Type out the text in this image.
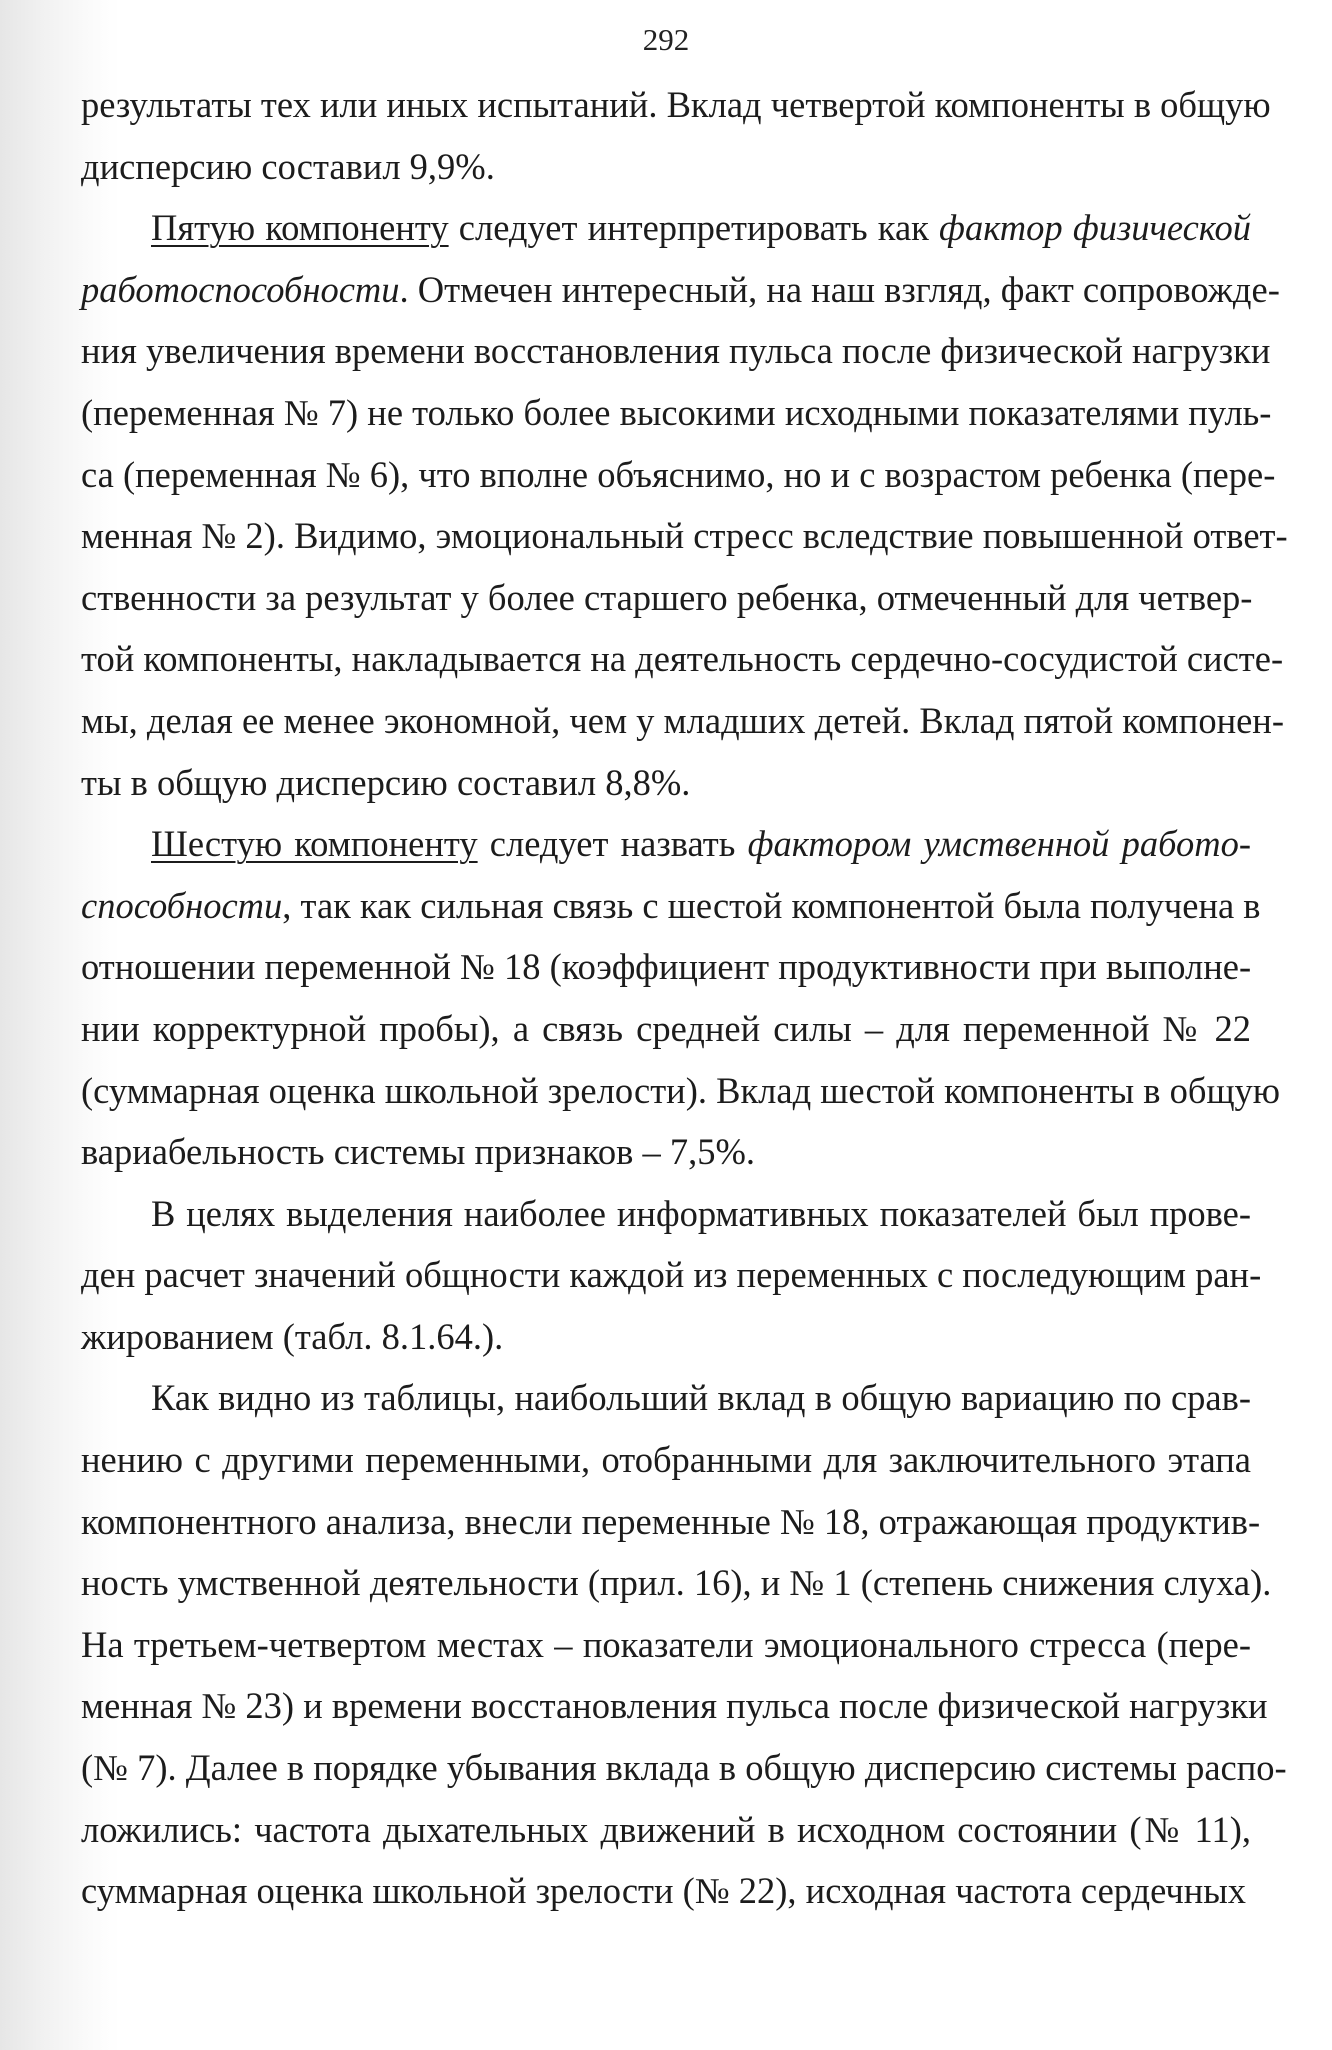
292
результаты тех или иных испытаний. Вклад четвертой компоненты в общую
дисперсию составил 9,9%.
Пятую компоненту следует интерпретировать как фактор физической
работоспособности. Отмечен интересный, на наш взгляд, факт сопровожде-
ния увеличения времени восстановления пульса после физической нагрузки
(переменная № 7) не только более высокими исходными показателями пуль-
са (переменная № 6), что вполне объяснимо, но и с возрастом ребенка (пере-
менная № 2). Видимо, эмоциональный стресс вследствие повышенной ответ-
ственности за результат у более старшего ребенка, отмеченный для четвер-
той компоненты, накладывается на деятельность сердечно-сосудистой систе-
мы, делая ее менее экономной, чем у младших детей. Вклад пятой компонен-
ты в общую дисперсию составил 8,8%.
Шестую компоненту следует назвать фактором умственной работо-
способности, так как сильная связь с шестой компонентой была получена в
отношении переменной № 18 (коэффициент продуктивности при выполне-
нии корректурной пробы), а связь средней силы – для переменной № 22
(суммарная оценка школьной зрелости). Вклад шестой компоненты в общую
вариабельность системы признаков – 7,5%.
В целях выделения наиболее информативных показателей был прове-
ден расчет значений общности каждой из переменных с последующим ран-
жированием (табл. 8.1.64.).
Как видно из таблицы, наибольший вклад в общую вариацию по срав-
нению с другими переменными, отобранными для заключительного этапа
компонентного анализа, внесли переменные № 18, отражающая продуктив-
ность умственной деятельности (прил. 16), и № 1 (степень снижения слуха).
На третьем-четвертом местах – показатели эмоционального стресса (пере-
менная № 23) и времени восстановления пульса после физической нагрузки
(№ 7). Далее в порядке убывания вклада в общую дисперсию системы распо-
ложились: частота дыхательных движений в исходном состоянии (№ 11),
суммарная оценка школьной зрелости (№ 22), исходная частота сердечных
